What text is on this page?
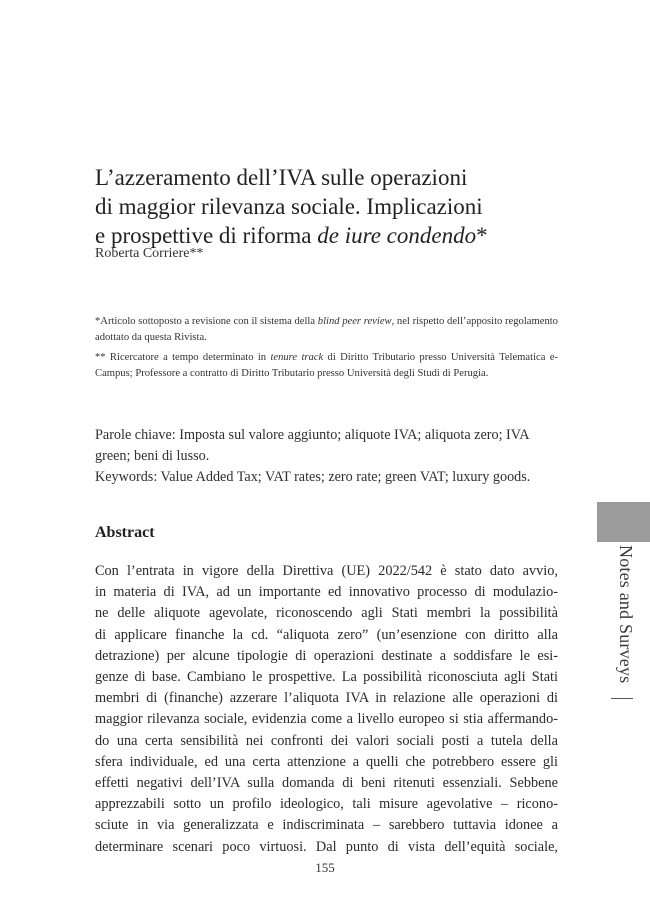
L’azzeramento dell’IVA sulle operazioni
di maggior rilevanza sociale. Implicazioni
e prospettive di riforma de iure condendo*
Roberta Corriere**

*Articolo sottoposto a revisione con il sistema della blind peer review, nel rispetto dell’apposito regolamento adottato da questa Rivista.

** Ricercatore a tempo determinato in tenure track di Diritto Tributario presso Università Telematica e-Campus; Professore a contratto di Diritto Tributario presso Università degli Studi di Perugia.

Parole chiave: Imposta sul valore aggiunto; aliquote IVA; aliquota zero; IVA
green; beni di lusso.
Keywords: Value Added Tax; VAT rates; zero rate; green VAT; luxury goods.
Abstract
Con l’entrata in vigore della Direttiva (UE) 2022/542 è stato dato avvio,
in materia di IVA, ad un importante ed innovativo processo di modulazio-
ne delle aliquote agevolate, riconoscendo agli Stati membri la possibilità
di applicare finanche la cd. “aliquota zero” (un’esenzione con diritto alla
detrazione) per alcune tipologie di operazioni destinate a soddisfare le esi-
genze di base. Cambiano le prospettive. La possibilità riconosciuta agli Stati
membri di (finanche) azzerare l’aliquota IVA in relazione alle operazioni di
maggior rilevanza sociale, evidenzia come a livello europeo si stia affermando-
do una certa sensibilità nei confronti dei valori sociali posti a tutela della
sfera individuale, ed una certa attenzione a quelli che potrebbero essere gli
effetti negativi dell’IVA sulla domanda di beni ritenuti essenziali. Sebbene
apprezzabili sotto un profilo ideologico, tali misure agevolative – ricono-
sciute in via generalizzata e indiscriminata – sarebbero tuttavia idonee a
determinare scenari poco virtuosi. Dal punto di vista dell’equità sociale,
Notes and Surveys
155
